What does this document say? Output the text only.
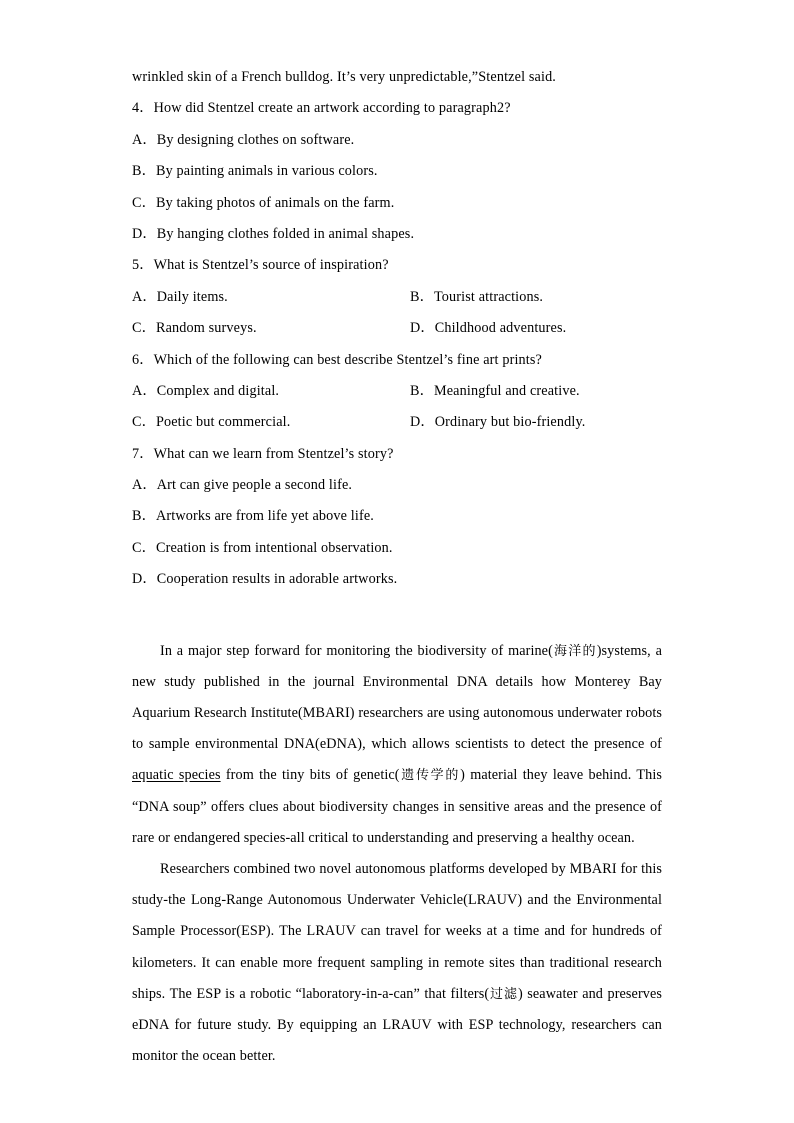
wrinkled skin of a French bulldog. It’s very unpredictable,”Stentzel said.
4．How did Stentzel create an artwork according to paragraph2?
A．By designing clothes on software.
B．By painting animals in various colors.
C．By taking photos of animals on the farm.
D．By hanging clothes folded in animal shapes.
5．What is Stentzel’s source of inspiration?
A．Daily items.	B．Tourist attractions.
C．Random surveys.	D．Childhood adventures.
6．Which of the following can best describe Stentzel’s fine art prints?
A．Complex and digital.	B．Meaningful and creative.
C．Poetic but commercial.	D．Ordinary but bio-friendly.
7．What can we learn from Stentzel’s story?
A．Art can give people a second life.
B．Artworks are from life yet above life.
C．Creation is from intentional observation.
D．Cooperation results in adorable artworks.

In a major step forward for monitoring the biodiversity of marine(海洋的)systems, a new study published in the journal Environmental DNA details how Monterey Bay Aquarium Research Institute(MBARI) researchers are using autonomous underwater robots to sample environmental DNA(eDNA), which allows scientists to detect the presence of aquatic species from the tiny bits of genetic(遗传学的) material they leave behind. This “DNA soup” offers clues about biodiversity changes in sensitive areas and the presence of rare or endangered species-all critical to understanding and preserving a healthy ocean.

Researchers combined two novel autonomous platforms developed by MBARI for this study-the Long-Range Autonomous Underwater Vehicle(LRAUV) and the Environmental Sample Processor(ESP). The LRAUV can travel for weeks at a time and for hundreds of kilometers. It can enable more frequent sampling in remote sites than traditional research ships. The ESP is a robotic “laboratory-in-a-can” that filters(过滤) seawater and preserves eDNA for future study. By equipping an LRAUV with ESP technology, researchers can monitor the ocean better.
